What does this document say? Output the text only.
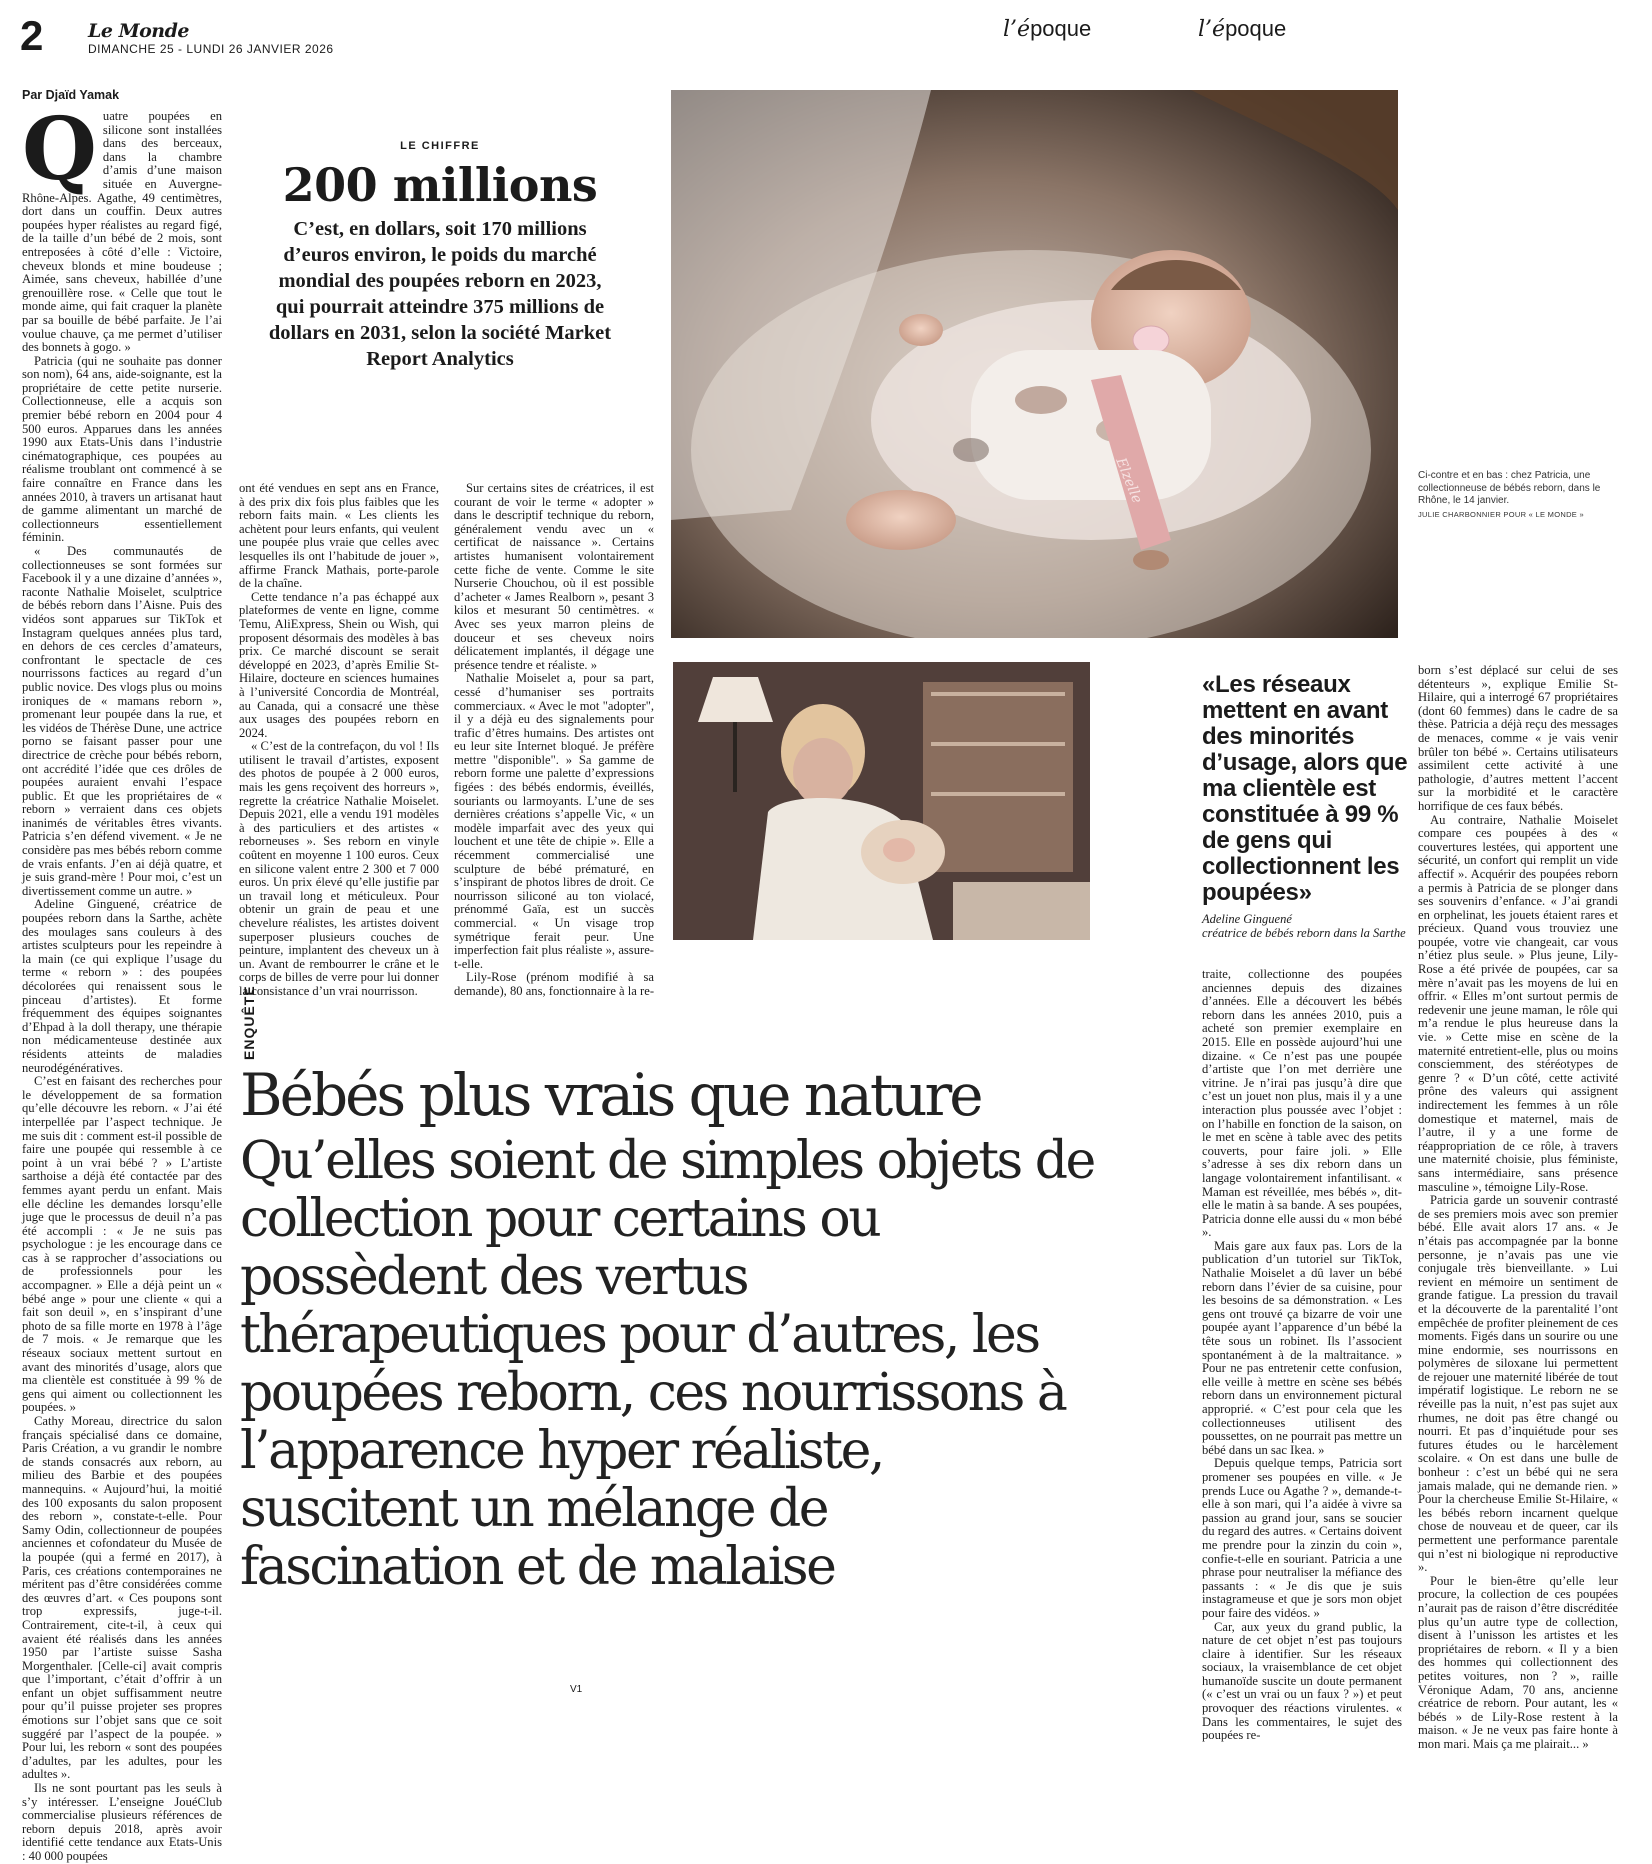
2 Le Monde
DIMANCHE 25 - LUNDI 26 JANVIER 2026
l’époque	l’époque
Par Djaïd Yamak
Q uatre poupées en silicone sont installées dans des berceaux, dans la chambre d’amis d’une maison située en Auvergne-Rhône-Alpes. Agathe, 49 centimètres, dort dans un couffin. Deux autres poupées hyper réalistes au regard figé, de la taille d’un bébé de 2 mois, sont entreposées à côté d’elle : Victoire, cheveux blonds et mine boudeuse ; Aimée, sans cheveux, habillée d’une grenouillère rose. « Celle que tout le monde aime, qui fait craquer la planète par sa bouille de bébé parfaite. Je l’ai voulue chauve, ça me permet d’utiliser des bonnets à gogo. »

Patricia (qui ne souhaite pas donner son nom), 64 ans, aide-soignante, est la propriétaire de cette petite nurserie. Collectionneuse, elle a acquis son premier bébé reborn en 2004 pour 4 500 euros. Apparues dans les années 1990 aux Etats-Unis dans l’industrie cinématographique, ces poupées au réalisme troublant ont commencé à se faire connaître en France dans les années 2010, à travers un artisanat haut de gamme alimentant un marché de collectionneurs essentiellement féminin.

« Des communautés de collectionneuses se sont formées sur Facebook il y a une dizaine d’années », raconte Nathalie Moiselet, sculptrice de bébés reborn dans l’Aisne. Puis des vidéos sont apparues sur TikTok et Instagram quelques années plus tard, en dehors de ces cercles d’amateurs, confrontant le spectacle de ces nourrissons factices au regard d’un public novice. Des vlogs plus ou moins ironiques de « mamans reborn », promenant leur poupée dans la rue, et les vidéos de Thérèse Dune, une actrice porno se faisant passer pour une directrice de crèche pour bébés reborn, ont accrédité l’idée que ces drôles de poupées auraient envahi l’espace public. Et que les propriétaires de « reborn » verraient dans ces objets inanimés de véritables êtres vivants. Patricia s’en défend vivement. « Je ne considère pas mes bébés reborn comme de vrais enfants. J’en ai déjà quatre, et je suis grand-mère ! Pour moi, c’est un divertissement comme un autre. »

Adeline Ginguené, créatrice de poupées reborn dans la Sarthe, achète des moulages sans couleurs à des artistes sculpteurs pour les repeindre à la main (ce qui explique l’usage du terme « reborn » : des poupées décolorées qui renaissent sous le pinceau d’artistes). Et forme fréquemment des équipes soignantes d’Ehpad à la doll therapy, une thérapie non médicamenteuse destinée aux résidents atteints de maladies neurodégénératives.

C’est en faisant des recherches pour le développement de sa formation qu’elle découvre les reborn. « J’ai été interpellée par l’aspect technique. Je me suis dit : comment est-il possible de faire une poupée qui ressemble à ce point à un vrai bébé ? » L’artiste sarthoise a déjà été contactée par des femmes ayant perdu un enfant. Mais elle décline les demandes lorsqu’elle juge que le processus de deuil n’a pas été accompli : « Je ne suis pas psychologue : je les encourage dans ce cas à se rapprocher d’associations ou de professionnels pour les accompagner. » Elle a déjà peint un « bébé ange » pour une cliente « qui a fait son deuil », en s’inspirant d’une photo de sa fille morte en 1978 à l’âge de 7 mois. « Je remarque que les réseaux sociaux mettent surtout en avant des minorités d’usage, alors que ma clientèle est constituée à 99 % de gens qui aiment ou collectionnent les poupées. »

Cathy Moreau, directrice du salon français spécialisé dans ce domaine, Paris Création, a vu grandir le nombre de stands consacrés aux reborn, au milieu des Barbie et des poupées mannequins. « Aujourd’hui, la moitié des 100 exposants du salon proposent des reborn », constate-t-elle. Pour Samy Odin, collectionneur de poupées anciennes et cofondateur du Musée de la poupée (qui a fermé en 2017), à Paris, ces créations contemporaines ne méritent pas d’être considérées comme des œuvres d’art. « Ces poupons sont trop expressifs, juge-t-il. Contrairement, cite-t-il, à ceux qui avaient été réalisés dans les années 1950 par l’artiste suisse Sasha Morgenthaler. [Celle-ci] avait compris que l’important, c’était d’offrir à un enfant un objet suffisamment neutre pour qu’il puisse projeter ses propres émotions sur l’objet sans que ce soit suggéré par l’aspect de la poupée. » Pour lui, les reborn « sont des poupées d’adultes, par les adultes, pour les adultes ».

Ils ne sont pourtant pas les seuls à s’y intéresser. L’enseigne JouéClub commercialise plusieurs références de reborn depuis 2018, après avoir identifié cette tendance aux Etats-Unis : 40 000 poupées

LE CHIFFRE
200 millions
C’est, en dollars, soit 170 millions d’euros environ, le poids du marché mondial des poupées reborn en 2023, qui pourrait atteindre 375 millions de dollars en 2031, selon la société Market Report Analytics

ont été vendues en sept ans en France, à des prix dix fois plus faibles que les reborn faits main. « Les clients les achètent pour leurs enfants, qui veulent une poupée plus vraie que celles avec lesquelles ils ont l’habitude de jouer », affirme Franck Mathais, porte-parole de la chaîne.

Cette tendance n’a pas échappé aux plateformes de vente en ligne, comme Temu, AliExpress, Shein ou Wish, qui proposent désormais des modèles à bas prix. Ce marché discount se serait développé en 2023, d’après Emilie St-Hilaire, docteure en sciences humaines à l’université Concordia de Montréal, au Canada, qui a consacré une thèse aux usages des poupées reborn en 2024.

« C’est de la contrefaçon, du vol ! Ils utilisent le travail d’artistes, exposent des photos de poupée à 2 000 euros, mais les gens reçoivent des horreurs », regrette la créatrice Nathalie Moiselet. Depuis 2021, elle a vendu 191 modèles à des particuliers et des artistes « reborneuses ». Ses reborn en vinyle coûtent en moyenne 1 100 euros. Ceux en silicone valent entre 2 300 et 7 000 euros. Un prix élevé qu’elle justifie par un travail long et méticuleux. Pour obtenir un grain de peau et une chevelure réalistes, les artistes doivent superposer plusieurs couches de peinture, implantent des cheveux un à un. Avant de rembourrer le crâne et le corps de billes de verre pour lui donner la consistance d’un vrai nourrisson.

Sur certains sites de créatrices, il est courant de voir le terme « adopter » dans le descriptif technique du reborn, généralement vendu avec un « certificat de naissance ». Certains artistes humanisent volontairement cette fiche de vente. Comme le site Nurserie Chouchou, où il est possible d’acheter « James Realborn », pesant 3 kilos et mesurant 50 centimètres. « Avec ses yeux marron pleins de douceur et ses cheveux noirs délicatement implantés, il dégage une présence tendre et réaliste. »

Nathalie Moiselet a, pour sa part, cessé d’humaniser ses portraits commerciaux. « Avec le mot "adopter", il y a déjà eu des signalements pour trafic d’êtres humains. Des artistes ont eu leur site Internet bloqué. Je préfère mettre "disponible". » Sa gamme de reborn forme une palette d’expressions figées : des bébés endormis, éveillés, souriants ou larmoyants. L’une de ses dernières créations s’appelle Vic, « un modèle imparfait avec des yeux qui louchent et une tête de chipie ». Elle a récemment commercialisé une sculpture de bébé prématuré, en s’inspirant de photos libres de droit. Ce nourrisson siliconé au ton violacé, prénommé Gaïa, est un succès commercial. « Un visage trop symétrique ferait peur. Une imperfection fait plus réaliste », assure-t-elle.

Lily-Rose (prénom modifié à sa demande), 80 ans, fonctionnaire à la re-

Elzelle	Ci-contre et en bas : chez Patricia, une collectionneuse de bébés reborn, dans le Rhône, le 14 janvier.
JULIE CHARBONNIER POUR « LE MONDE »
«Les réseaux mettent en avant des minorités d’usage, alors que ma clientèle est constituée à 99 % de gens qui collectionnent les poupées»
Adeline Ginguené
créatrice de bébés reborn dans la Sarthe

traite, collectionne des poupées anciennes depuis des dizaines d’années. Elle a découvert les bébés reborn dans les années 2010, puis a acheté son premier exemplaire en 2015. Elle en possède aujourd’hui une dizaine. « Ce n’est pas une poupée d’artiste que l’on met derrière une vitrine. Je n’irai pas jusqu’à dire que c’est un jouet non plus, mais il y a une interaction plus poussée avec l’objet : on l’habille en fonction de la saison, on le met en scène à table avec des petits couverts, pour faire joli. » Elle s’adresse à ses dix reborn dans un langage volontairement infantilisant. « Maman est réveillée, mes bébés », dit-elle le matin à sa bande. A ses poupées, Patricia donne elle aussi du « mon bébé ».

Mais gare aux faux pas. Lors de la publication d’un tutoriel sur TikTok, Nathalie Moiselet a dû laver un bébé reborn dans l’évier de sa cuisine, pour les besoins de sa démonstration. « Les gens ont trouvé ça bizarre de voir une poupée ayant l’apparence d’un bébé la tête sous un robinet. Ils l’associent spontanément à de la maltraitance. » Pour ne pas entretenir cette confusion, elle veille à mettre en scène ses bébés reborn dans un environnement pictural approprié. « C’est pour cela que les collectionneuses utilisent des poussettes, on ne pourrait pas mettre un bébé dans un sac Ikea. »

Depuis quelque temps, Patricia sort promener ses poupées en ville. « Je prends Luce ou Agathe ? », demande-t-elle à son mari, qui l’a aidée à vivre sa passion au grand jour, sans se soucier du regard des autres. « Certains doivent me prendre pour la zinzin du coin », confie-t-elle en souriant. Patricia a une phrase pour neutraliser la méfiance des passants : « Je dis que je suis instagrameuse et que je sors mon objet pour faire des vidéos. »

Car, aux yeux du grand public, la nature de cet objet n’est pas toujours claire à identifier. Sur les réseaux sociaux, la vraisemblance de cet objet humanoïde suscite un doute permanent (« c’est un vrai ou un faux ? ») et peut provoquer des réactions virulentes. « Dans les commentaires, le sujet des poupées re-

born s’est déplacé sur celui de ses détenteurs », explique Emilie St-Hilaire, qui a interrogé 67 propriétaires (dont 60 femmes) dans le cadre de sa thèse. Patricia a déjà reçu des messages de menaces, comme « je vais venir brûler ton bébé ». Certains utilisateurs assimilent cette activité à une pathologie, d’autres mettent l’accent sur la morbidité et le caractère horrifique de ces faux bébés.

Au contraire, Nathalie Moiselet compare ces poupées à des « couvertures lestées, qui apportent une sécurité, un confort qui remplit un vide affectif ». Acquérir des poupées reborn a permis à Patricia de se plonger dans ses souvenirs d’enfance. « J’ai grandi en orphelinat, les jouets étaient rares et précieux. Quand vous trouviez une poupée, votre vie changeait, car vous n’étiez plus seule. » Plus jeune, Lily-Rose a été privée de poupées, car sa mère n’avait pas les moyens de lui en offrir. « Elles m’ont surtout permis de redevenir une jeune maman, le rôle qui m’a rendue le plus heureuse dans la vie. » Cette mise en scène de la maternité entretient-elle, plus ou moins consciemment, des stéréotypes de genre ? « D’un côté, cette activité prône des valeurs qui assignent indirectement les femmes à un rôle domestique et maternel, mais de l’autre, il y a une forme de réappropriation de ce rôle, à travers une maternité choisie, plus féministe, sans intermédiaire, sans présence masculine », témoigne Lily-Rose.

Patricia garde un souvenir contrasté de ses premiers mois avec son premier bébé. Elle avait alors 17 ans. « Je n’étais pas accompagnée par la bonne personne, je n’avais pas une vie conjugale très bienveillante. » Lui revient en mémoire un sentiment de grande fatigue. La pression du travail et la découverte de la parentalité l’ont empêchée de profiter pleinement de ces moments. Figés dans un sourire ou une mine endormie, ses nourrissons en polymères de siloxane lui permettent de rejouer une maternité libérée de tout impératif logistique. Le reborn ne se réveille pas la nuit, n’est pas sujet aux rhumes, ne doit pas être changé ou nourri. Et pas d’inquiétude pour ses futures études ou le harcèlement scolaire. « On est dans une bulle de bonheur : c’est un bébé qui ne sera jamais malade, qui ne demande rien. » Pour la chercheuse Emilie St-Hilaire, « les bébés reborn incarnent quelque chose de nouveau et de queer, car ils permettent une performance parentale qui n’est ni biologique ni reproductive ».

Pour le bien-être qu’elle leur procure, la collection de ces poupées n’aurait pas de raison d’être discréditée plus qu’un autre type de collection, disent à l’unisson les artistes et les propriétaires de reborn. « Il y a bien des hommes qui collectionnent des petites voitures, non ? », raille Véronique Adam, 70 ans, ancienne créatrice de reborn. Pour autant, les « bébés » de Lily-Rose restent à la maison. « Je ne veux pas faire honte à mon mari. Mais ça me plairait... »

ENQUÊTE
Bébés plus vrais que nature
Qu’elles soient de simples objets de collection pour certains ou possèdent des vertus thérapeutiques pour d’autres, les poupées reborn, ces nourrissons à l’apparence hyper réaliste, suscitent un mélange de fascination et de malaise
V1
